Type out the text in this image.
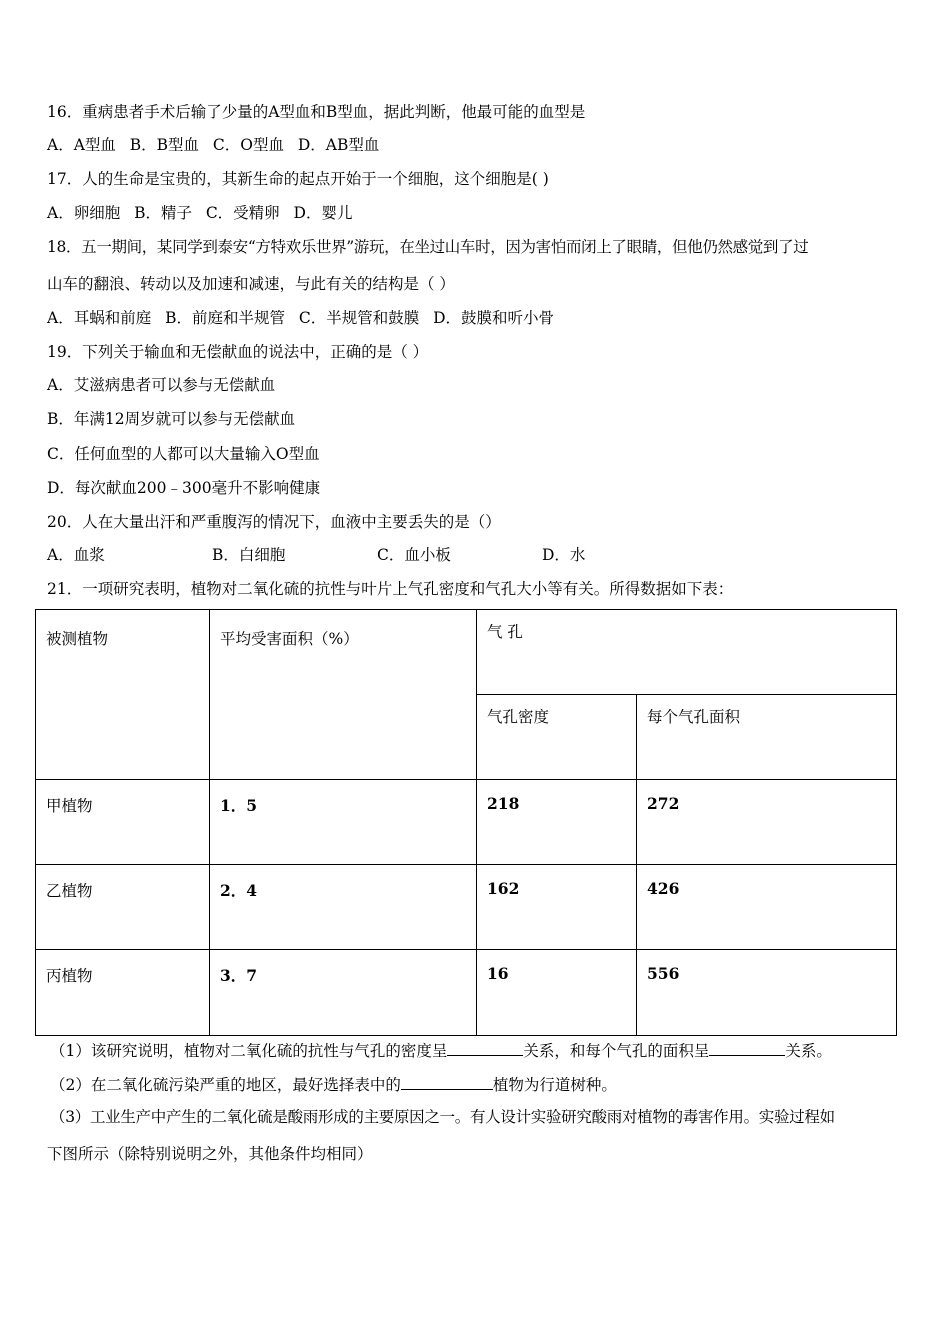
16．重病患者手术后输了少量的A型血和B型血，据此判断，他最可能的血型是
A．A型血 B．B型血 C．O型血 D．AB型血
17．人的生命是宝贵的，其新生命的起点开始于一个细胞，这个细胞是( )
A．卵细胞 B．精子 C．受精卵 D．婴儿
18．五一期间，某同学到泰安“方特欢乐世界”游玩，在坐过山车时，因为害怕而闭上了眼睛，但他仍然感觉到了过
山车的翻浪、转动以及加速和减速，与此有关的结构是（ ）
A．耳蜗和前庭 B．前庭和半规管 C．半规管和鼓膜 D．鼓膜和听小骨
19．下列关于输血和无偿献血的说法中，正确的是（ ）
A．艾滋病患者可以参与无偿献血
B．年满12周岁就可以参与无偿献血
C．任何血型的人都可以大量输入O型血
D．每次献血200﹣300毫升不影响健康
20．人在大量出汗和严重腹泻的情况下，血液中主要丢失的是（）
A．血浆	B．白细胞	C．血小板	D．水
21．一项研究表明，植物对二氧化硫的抗性与叶片上气孔密度和气孔大小等有关。所得数据如下表：
被测植物	平均受害面积（%）	气 孔	

		气孔密度	每个气孔面积

甲植物	1．5	218	272

乙植物	2．4	162	426

丙植物	3．7	16	556
（1）该研究说明，植物对二氧化硫的抗性与气孔的密度呈	关系，和每个气孔的面积呈	关系。
（2）在二氧化硫污染严重的地区，最好选择表中的	植物为行道树种。
（3）工业生产中产生的二氧化硫是酸雨形成的主要原因之一。有人设计实验研究酸雨对植物的毒害作用。实验过程如
下图所示（除特别说明之外，其他条件均相同）
